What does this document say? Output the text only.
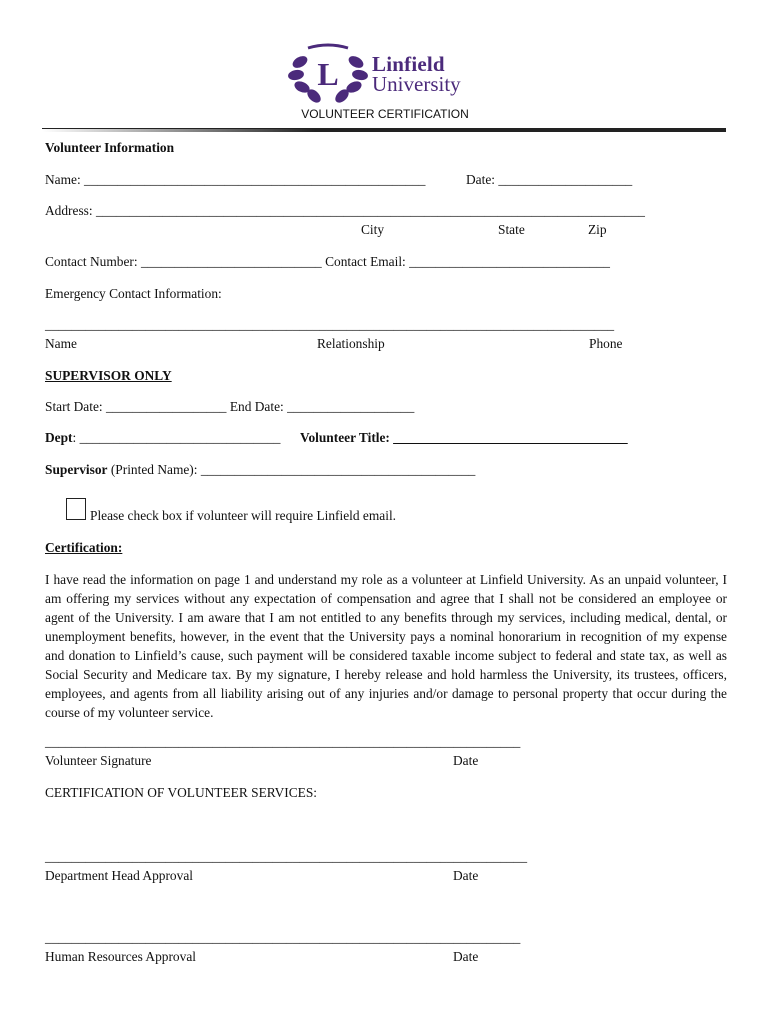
L Linfield
University
VOLUNTEER CERTIFICATION
Volunteer Information
Name: ___________________________________________________	Date: ____________________
Address: __________________________________________________________________________________
City	State	Zip
Contact Number: ___________________________ Contact Email: ______________________________
Emergency Contact Information:
_____________________________________________________________________________________
Name	Relationship	Phone
SUPERVISOR ONLY
Start Date: __________________ End Date: ___________________
Dept: ______________________________ Volunteer Title: ___________________________________
Supervisor (Printed Name): _________________________________________
Please check box if volunteer will require Linfield email.
Certification:
I have read the information on page 1 and understand my role as a volunteer at Linfield University. As an unpaid volunteer, I am offering my services without any expectation of compensation and agree that I shall not be considered an employee or agent of the University. I am aware that I am not entitled to any benefits through my services, including medical, dental, or unemployment benefits, however, in the event that the University pays a nominal honorarium in recognition of my expense and donation to Linfield’s cause, such payment will be considered taxable income subject to federal and state tax, as well as Social Security and Medicare tax. By my signature, I hereby release and hold harmless the University, its trustees, officers, employees, and agents from all liability arising out of any injuries and/or damage to personal property that occur during the course of my volunteer service.
_______________________________________________________________________
Volunteer Signature	Date
CERTIFICATION OF VOLUNTEER SERVICES:
________________________________________________________________________
Department Head Approval	Date
_______________________________________________________________________
Human Resources Approval	Date
